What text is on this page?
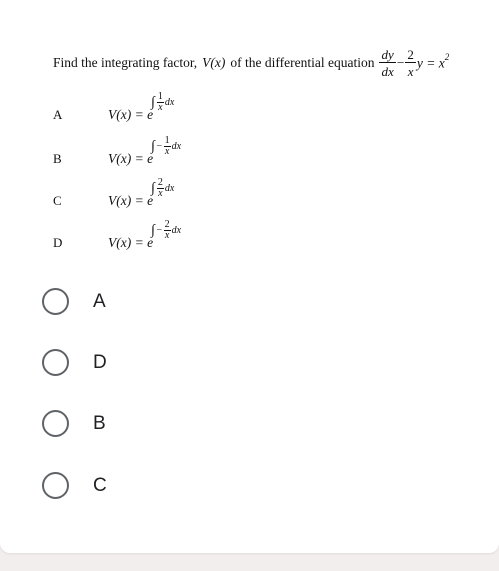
Find the integrating factor, V(x) of the differential equation $\frac{dy}{dx} - \frac{2}{x}$ $y = x^2$
A	V(x) = e
∫ $\frac{1}{x}$ dx
B	V(x) = e
∫ − $\frac{1}{x}$ dx
C	V(x) = e
∫ $\frac{2}{x}$ dx
D	V(x) = e
∫ − $\frac{2}{x}$ dx
A
D
B
C
